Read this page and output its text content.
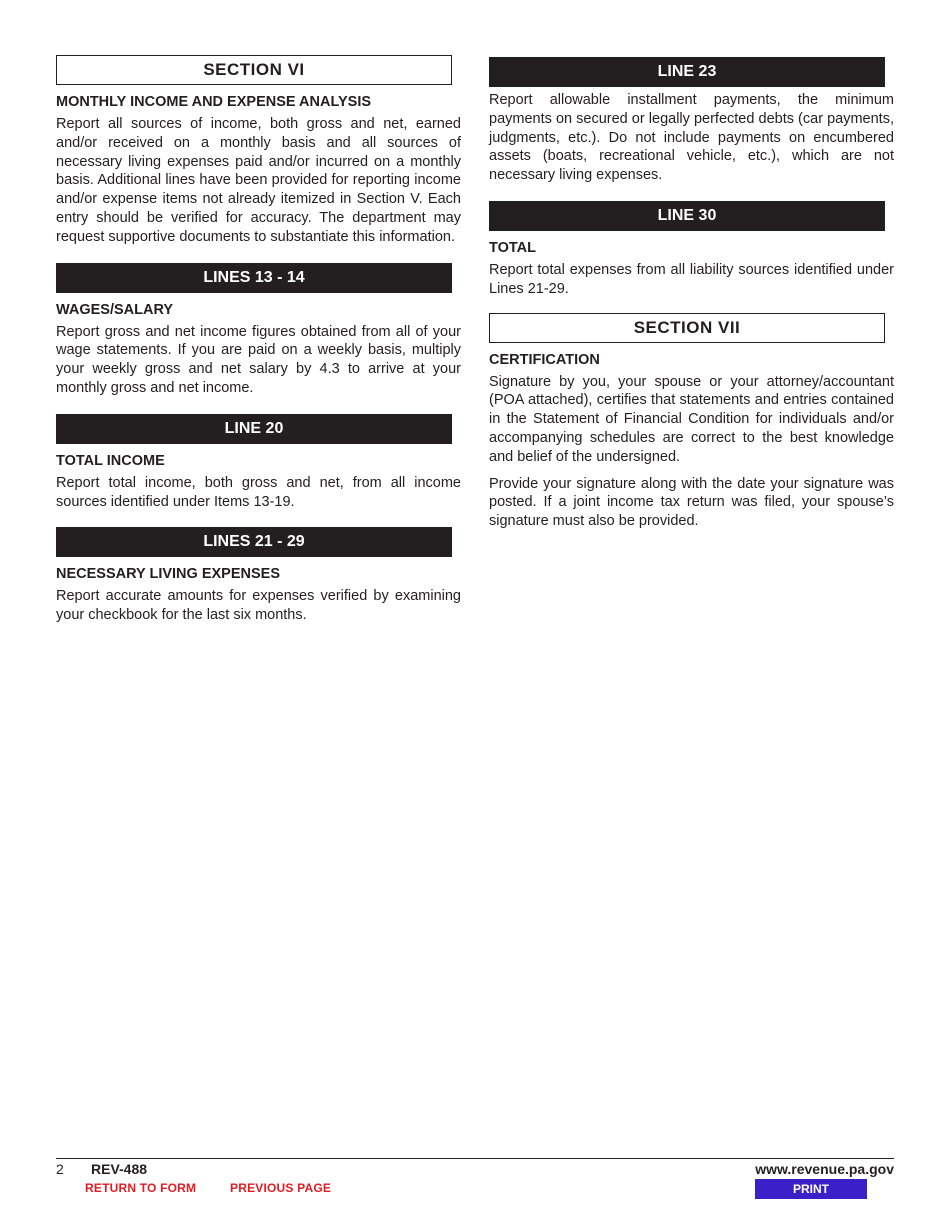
SECTION VI
MONTHLY INCOME AND EXPENSE ANALYSIS

Report all sources of income, both gross and net, earned and/or received on a monthly basis and all sources of necessary living expenses paid and/or incurred on a monthly basis. Additional lines have been provided for reporting income and/or expense items not already itemized in Section V. Each entry should be verified for accuracy. The department may request supportive documents to substantiate this information.

LINES 13 - 14
WAGES/SALARY

Report gross and net income figures obtained from all of your wage statements. If you are paid on a weekly basis, multiply your weekly gross and net salary by 4.3 to arrive at your monthly gross and net income.

LINE 20
TOTAL INCOME

Report total income, both gross and net, from all income sources identified under Items 13-19.

LINES 21 - 29
NECESSARY LIVING EXPENSES

Report accurate amounts for expenses verified by examining your checkbook for the last six months.

LINE 23

Report allowable installment payments, the minimum payments on secured or legally perfected debts (car payments, judgments, etc.). Do not include payments on encumbered assets (boats, recreational vehicle, etc.), which are not necessary living expenses.

LINE 30
TOTAL

Report total expenses from all liability sources identified under Lines 21-29.

SECTION VII
CERTIFICATION

Signature by you, your spouse or your attorney/accountant (POA attached), certifies that statements and entries contained in the Statement of Financial Condition for individuals and/or accompanying schedules are correct to the best knowledge and belief of the undersigned.

Provide your signature along with the date your signature was posted. If a joint income tax return was filed, your spouse’s signature must also be provided.

2 REV-488	www.revenue.pa.gov
RETURN TO FORM	PREVIOUS PAGE	PRINT
